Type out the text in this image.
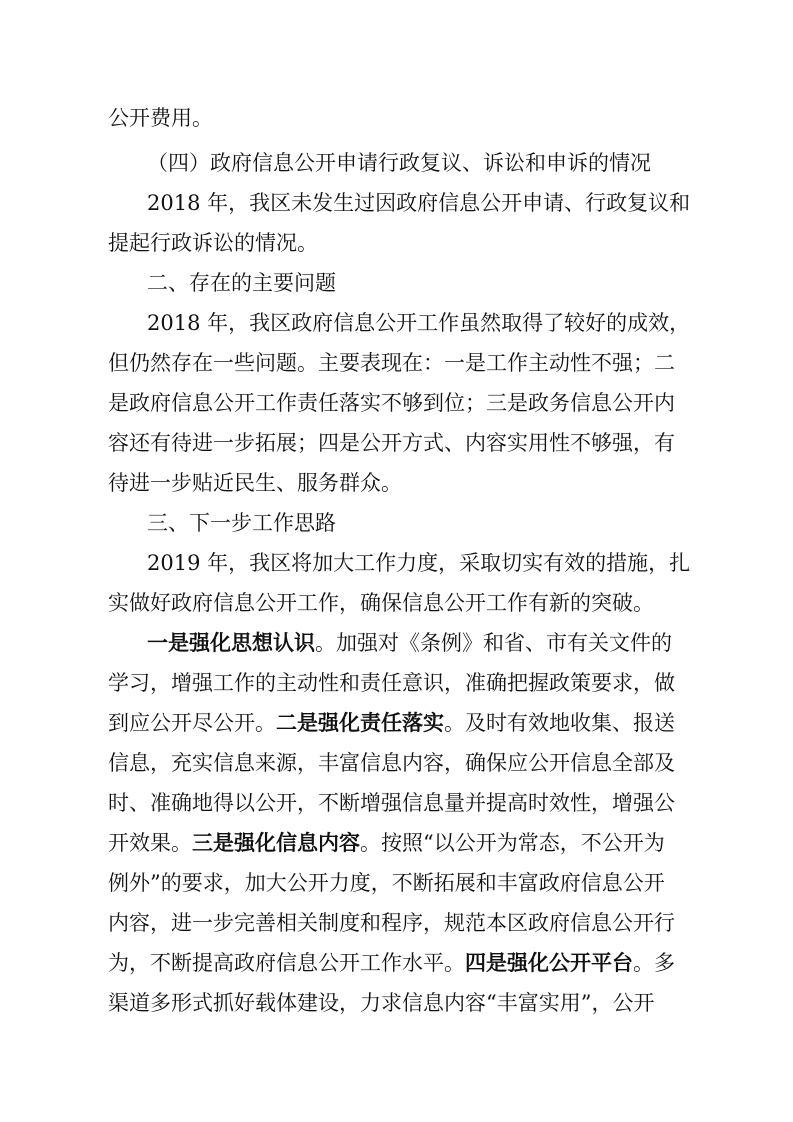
公开费用。
（四）政府信息公开申请行政复议、诉讼和申诉的情况
2018 年，我区未发生过因政府信息公开申请、行政复议和
提起行政诉讼的情况。
二、存在的主要问题
2018 年，我区政府信息公开工作虽然取得了较好的成效，
但仍然存在一些问题。主要表现在：一是工作主动性不强；二
是政府信息公开工作责任落实不够到位；三是政务信息公开内
容还有待进一步拓展；四是公开方式、内容实用性不够强，有
待进一步贴近民生、服务群众。
三、下一步工作思路
2019 年，我区将加大工作力度，采取切实有效的措施，扎
实做好政府信息公开工作，确保信息公开工作有新的突破。
一是强化思想认识。加强对《条例》和省、市有关文件的
学习，增强工作的主动性和责任意识，准确把握政策要求，做
到应公开尽公开。二是强化责任落实。及时有效地收集、报送
信息，充实信息来源，丰富信息内容，确保应公开信息全部及
时、准确地得以公开，不断增强信息量并提高时效性，增强公
开效果。三是强化信息内容。按照“以公开为常态，不公开为
例外”的要求，加大公开力度，不断拓展和丰富政府信息公开
内容，进一步完善相关制度和程序，规范本区政府信息公开行
为，不断提高政府信息公开工作水平。四是强化公开平台。多
渠道多形式抓好载体建设，力求信息内容“丰富实用”，公开
